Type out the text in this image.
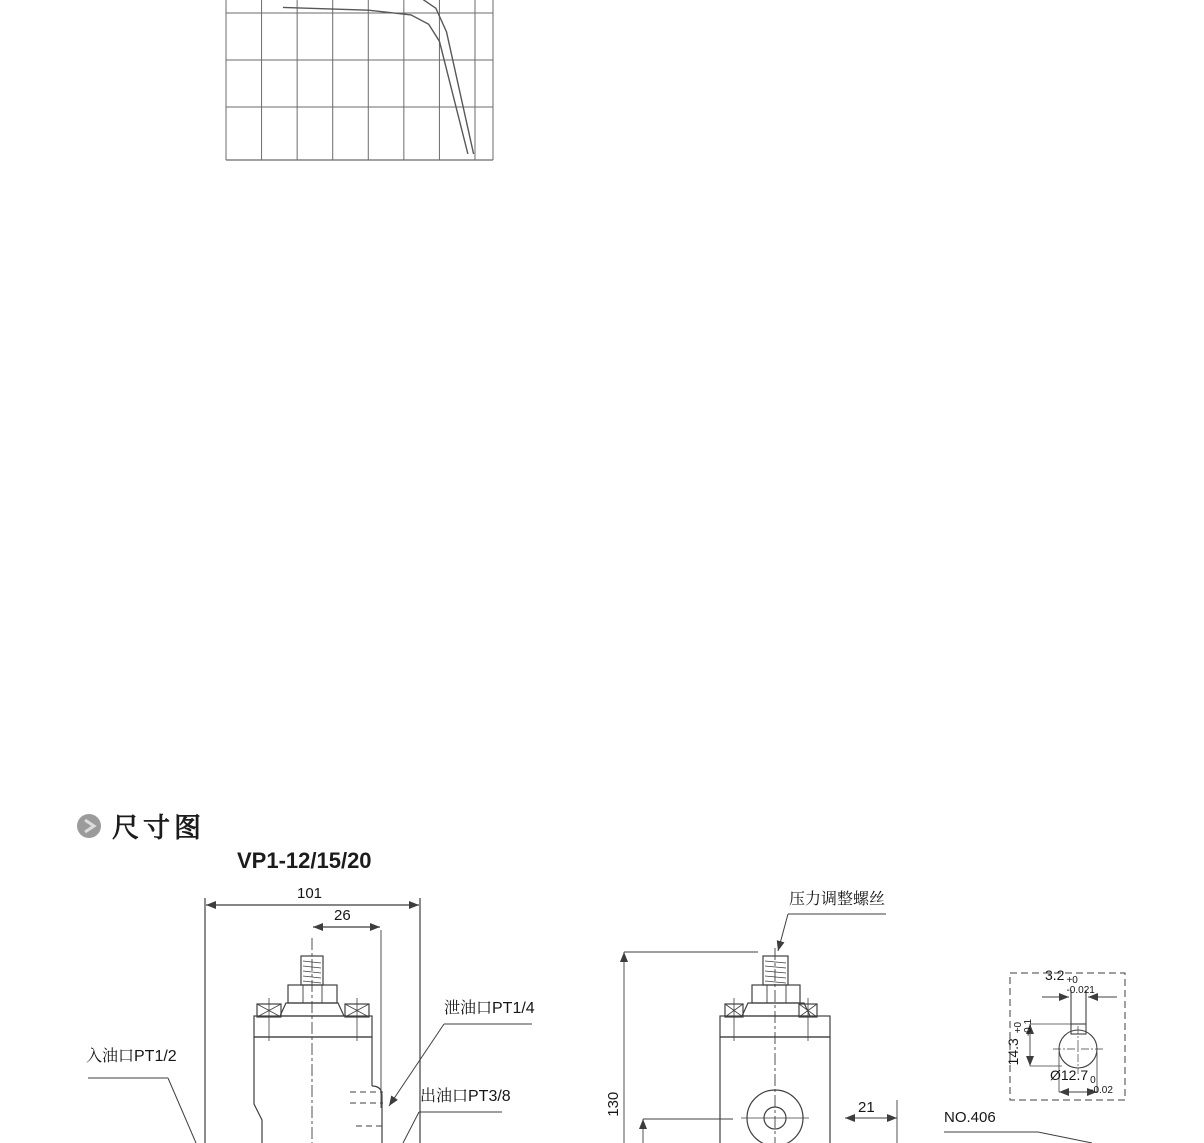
尺寸图
VP1-12/15/20
101
26
入油口PT1/2
泄油口PT1/4
出油口PT3/8
压力调整螺丝
130	21
NO.406
3.2 +0
-0.021
14.3
+0 -0.1
Ø12.7 0
-0.02
